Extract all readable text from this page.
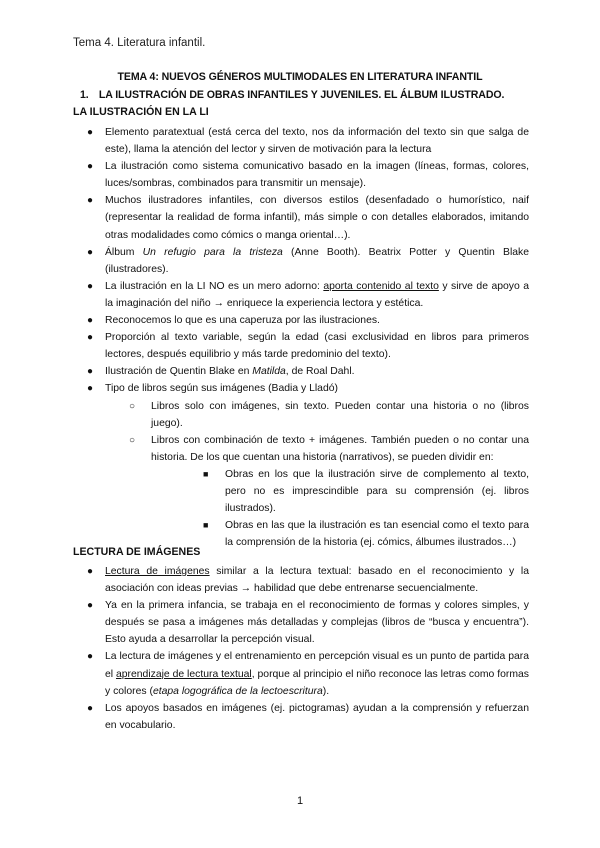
Tema 4. Literatura infantil.
TEMA 4: NUEVOS GÉNEROS MULTIMODALES EN LITERATURA INFANTIL
1. LA ILUSTRACIÓN DE OBRAS INFANTILES Y JUVENILES. EL ÁLBUM ILUSTRADO.
LA ILUSTRACIÓN EN LA LI
● Elemento paratextual (está cerca del texto, nos da información del texto sin que salga de este), llama la atención del lector y sirven de motivación para la lectura
● La ilustración como sistema comunicativo basado en la imagen (líneas, formas, colores, luces/sombras, combinados para transmitir un mensaje).
● Muchos ilustradores infantiles, con diversos estilos (desenfadado o humorístico, naif (representar la realidad de forma infantil), más simple o con detalles elaborados, imitando otras modalidades como cómics o manga oriental…).
● Álbum Un refugio para la tristeza (Anne Booth). Beatrix Potter y Quentin Blake (ilustradores).
● La ilustración en la LI NO es un mero adorno: aporta contenido al texto y sirve de apoyo a la imaginación del niño → enriquece la experiencia lectora y estética.
● Reconocemos lo que es una caperuza por las ilustraciones.
● Proporción al texto variable, según la edad (casi exclusividad en libros para primeros lectores, después equilibrio y más tarde predominio del texto).
● Ilustración de Quentin Blake en Matilda, de Roal Dahl.
● Tipo de libros según sus imágenes (Badia y Lladó)
○ Libros solo con imágenes, sin texto. Pueden contar una historia o no (libros juego).
○ Libros con combinación de texto + imágenes. También pueden o no contar una historia. De los que cuentan una historia (narrativos), se pueden dividir en:
■ Obras en los que la ilustración sirve de complemento al texto, pero no es imprescindible para su comprensión (ej. libros ilustrados).
■ Obras en las que la ilustración es tan esencial como el texto para la comprensión de la historia (ej. cómics, álbumes ilustrados…)
LECTURA DE IMÁGENES
● Lectura de imágenes similar a la lectura textual: basado en el reconocimiento y la asociación con ideas previas → habilidad que debe entrenarse secuencialmente.
● Ya en la primera infancia, se trabaja en el reconocimiento de formas y colores simples, y después se pasa a imágenes más detalladas y complejas (libros de “busca y encuentra”). Esto ayuda a desarrollar la percepción visual.
● La lectura de imágenes y el entrenamiento en percepción visual es un punto de partida para el aprendizaje de lectura textual, porque al principio el niño reconoce las letras como formas y colores (etapa logográfica de la lectoescritura).
● Los apoyos basados en imágenes (ej. pictogramas) ayudan a la comprensión y refuerzan en vocabulario.
1
